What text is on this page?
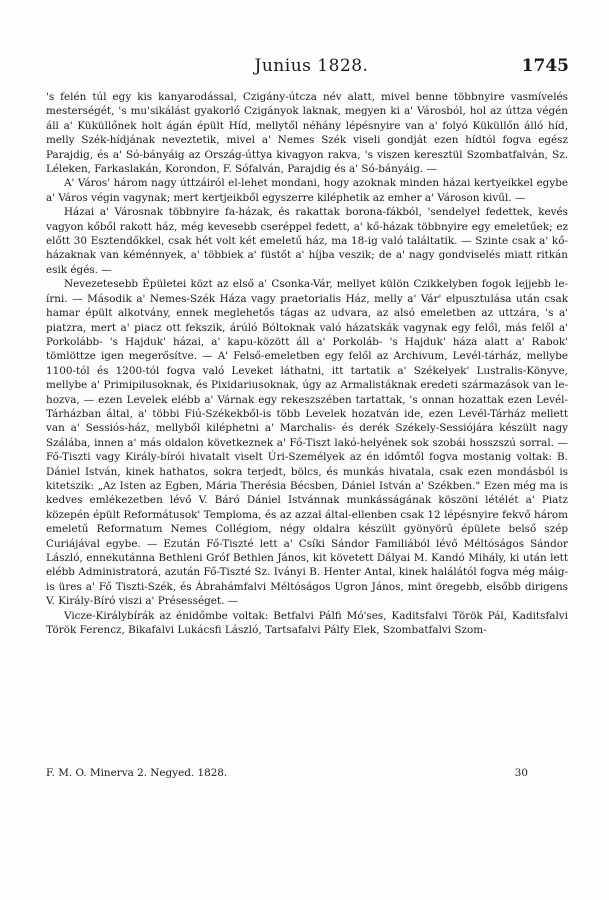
Junius 1828.	1745

's felén túl egy kis kanyarodással, Czigány-útcza név alatt, mivel benne többnyire vasmívelés mesterségét, 's mu'sikálást gyakorló Czigányok laknak, megyen ki a' Városból, hol az úttza végén áll a' Küküllőnek holt ágán épült Híd, mellytől néhány lépésnyire van a' folyó Küküllőn álló híd, melly Szék-hídjának neveztetik, mivel a' Nemes Szék viseli gondját ezen hídtól fogva egész Parajdig, és a' Só-bányáig az Ország-úttya kivagyon rakva, 's viszen keresztül Szombatfalván, Sz. Léleken, Farkaslakán, Korondon, F. Sófalván, Parajdig és a' Só-bányáig. —

A' Város' három nagy úttzáiról el-lehet mondani, hogy azoknak minden házai kertyeikkel egybe a' Város végin vagynak; mert kertjeikből egyszerre kiléphetik az emher a' Városon kivűl. —

Házai a' Városnak többnyire fa-házak, és rakattak borona-fákból, 'sendelyel fedettek, kevés vagyon kőből rakott ház, még kevesebb cseréppel fedett, a' kő-házak többnyire egy emeletűek; ez előtt 30 Esztendőkkel, csak hét volt két emeletű ház, ma 18-ig való találtatik. — Szinte csak a' kő-házaknak van kéménnyek, a' többiek a' füstőt a' híjba veszik; de a' nagy gondviselés miatt ritkán esik égés. —

Nevezetesebb Épületei közt az első a' Csonka-Vár, mellyet külön Czikkelyben fogok lejjebb le-írni. — Második a' Nemes-Szék Háza vagy praetorialis Ház, melly a' Vár' elpusztulása után csak hamar épült alkotvány, ennek meglehetős tágas az udvara, az alsó emeletben az uttzára, 's a' piatzra, mert a' piacz ott fekszik, árúló Bóltoknak való házatskák vagynak egy felől, más felől a' Porkolább- 's Hajduk' házai, a' kapu-között áll a' Porkoláb- 's Hajduk' háza alatt a' Rabok' tömlöttze igen megerősítve. — A' Felső-emeletben egy felől az Archivum, Levél-tárház, mellybe 1100-tól és 1200-tól fogva való Leveket láthatni, itt tartatik a' Székelyek' Lustralis-Könyve, mellybe a' Primipilusoknak, és Pixidariusoknak, úgy az Armalistáknak eredeti származások van le-hozva, — ezen Levelek elébb a' Várnak egy rekeszszében tartattak, 's onnan hozattak ezen Levél-Tárházban által, a' többi Fiú-Székekből-is több Levelek hozatván ide, ezen Levél-Tárház mellett van a' Sessiós-ház, mellyből kiléphetni a' Marchalis- és derék Székely-Sessiójára készült nagy Szálába, innen a' más oldalon következnek a' Fő-Tiszt lakó-helyének sok szobái hosszszú sorral. — Fő-Tiszti vagy Király-bírói hivatalt viselt Úri-Személyek az én időmtől fogva mostanig voltak: B. Dániel István, kinek hathatos, sokra terjedt, bölcs, és munkás hivatala, csak ezen mondásból is kitetszik: „Az Isten az Egben, Mária Therésia Bécsben, Dániel István a' Székben." Ezen még ma is kedves emlékezetben lévő V. Báró Dániel Istvánnak munkásságának köszöni létélét a' Piatz közepén épült Reformátusok' Temploma, és az azzal által-ellenben csak 12 lépésnyire fekvő három emeletű Reformatum Nemes Collégiom, négy oldalra készült gyönyörű épülete belső szép Curiájával egybe. — Ezután Fő-Tiszté lett a' Csíki Sándor Familiából lévő Méltóságos Sándor László, ennekutánna Bethleni Gróf Bethlen János, kit követett Dályai M. Kandó Mihály, ki után lett elébb Administratorá, azután Fő-Tiszté Sz. Iványi B. Henter Antal, kinek halálától fogva még máig-is üres a' Fő Tiszti-Szék, és Ábrahámfalvi Méltóságos Ugron János, mint öregebb, elsőbb dirigens V. Király-Bíró viszi a' Présességet. —

Vicze-Királybírák az énidőmbe voltak: Betfalvi Pálfi Mó'ses, Kaditsfalvi Török Pál, Kaditsfalvi Török Ferencz, Bikafalvi Lukácsfi László, Tartsafalvi Pálfy Elek, Szombatfalvi Szom-

F. M. O. Minerva 2. Negyed. 1828.	30
